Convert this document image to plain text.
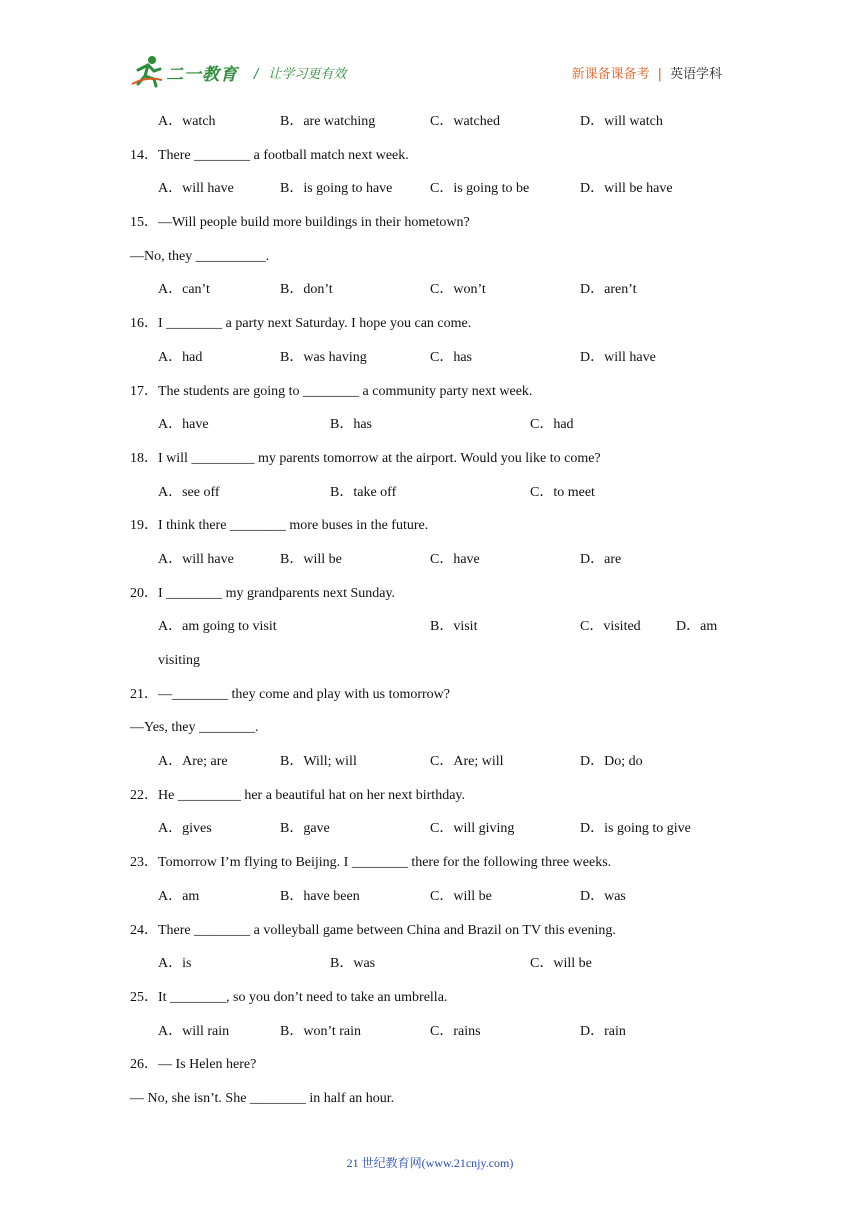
二一教育 / 让学习更有效	新课备课备考 | 英语学科
A．watch	B．are watching	C．watched	D．will watch
14．There ________ a football match next week.
A．will have	B．is going to have	C．is going to be	D．will be have
15．—Will people build more buildings in their hometown?
—No, they __________.
A．can’t	B．don’t	C．won’t	D．aren’t
16．I ________ a party next Saturday. I hope you can come.
A．had	B．was having	C．has	D．will have
17．The students are going to ________ a community party next week.
A．have	B．has	C．had
18．I will _________ my parents tomorrow at the airport. Would you like to come?
A．see off	B．take off	C．to meet
19．I think there ________ more buses in the future.
A．will have	B．will be	C．have	D．are
20．I ________ my grandparents next Sunday.
A．am going to visit	B．visit	C．visited	D．am
visiting
21．—________ they come and play with us tomorrow?
—Yes, they ________.
A．Are; are	B．Will; will	C．Are; will	D．Do; do
22．He _________ her a beautiful hat on her next birthday.
A．gives	B．gave	C．will giving	D．is going to give
23．Tomorrow I’m flying to Beijing. I ________ there for the following three weeks.
A．am	B．have been	C．will be	D．was
24．There ________ a volleyball game between China and Brazil on TV this evening.
A．is	B．was	C．will be
25．It ________, so you don’t need to take an umbrella.
A．will rain	B．won’t rain	C．rains	D．rain
26．— Is Helen here?
— No, she isn’t. She ________ in half an hour.
21 世纪教育网(www.21cnjy.com)
